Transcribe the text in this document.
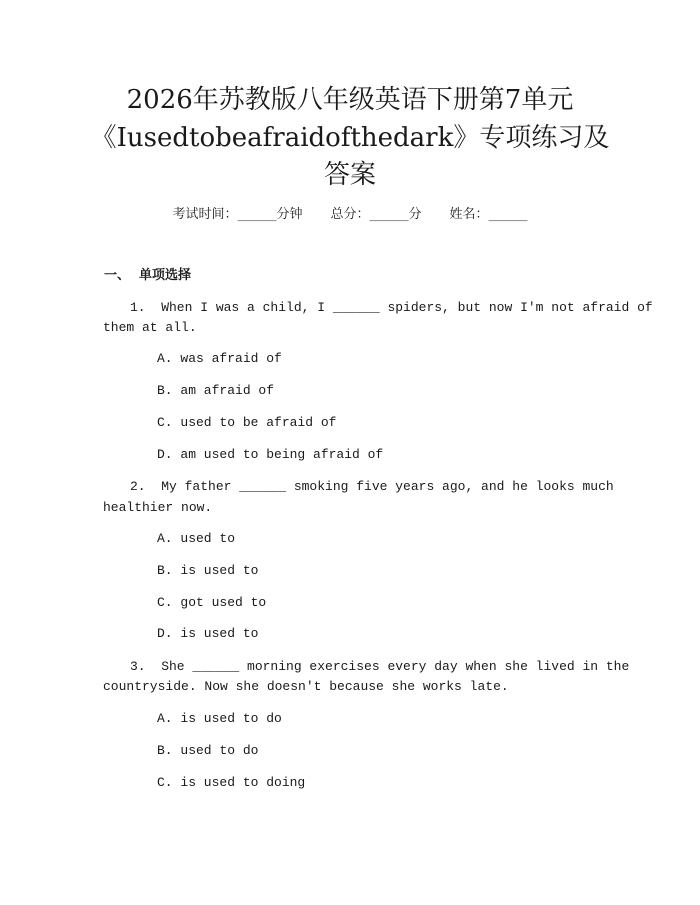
2026年苏教版八年级英语下册第7单元
《Iusedtobeafraidofthedark》专项练习及
答案
考试时间：______分钟 总分：______分 姓名：______
一、  单项选择
1.  When I was a child, I ______ spiders, but now I'm not afraid of
them at all.
A. was afraid of
B. am afraid of
C. used to be afraid of
D. am used to being afraid of
2.  My father ______ smoking five years ago, and he looks much
healthier now.
A. used to
B. is used to
C. got used to
D. is used to
3.  She ______ morning exercises every day when she lived in the
countryside. Now she doesn't because she works late.
A. is used to do
B. used to do
C. is used to doing
